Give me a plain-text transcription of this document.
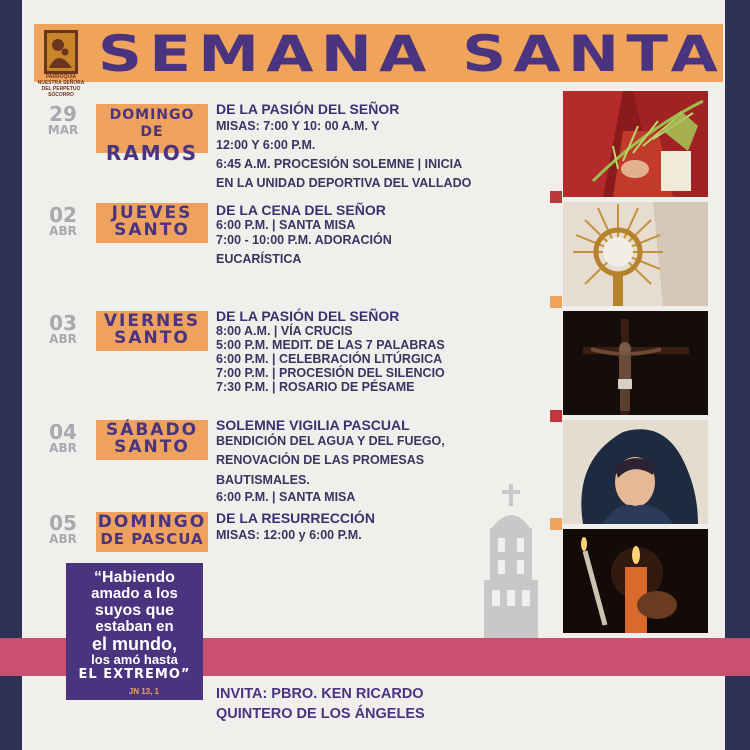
SEMANA SANTA
PARROQUIA NUESTRA SEÑORA DEL PERPETUO SOCORRO
29
MAR
DOMINGO DE
RAMOS
DE LA PASIÓN DEL SEÑOR
MISAS: 7:00 Y 10: 00 A.M. Y
12:00 Y 6:00 P.M.
6:45 A.M. PROCESIÓN SOLEMNE | INICIA
EN LA UNIDAD DEPORTIVA DEL VALLADO
02
ABR
JUEVES
SANTO
DE LA CENA DEL SEÑOR
6:00 P.M. | SANTA MISA
7:00 - 10:00 P.M. ADORACIÓN
EUCARÍSTICA
03
ABR
VIERNES
SANTO
DE LA PASIÓN DEL SEÑOR
8:00 A.M. | VÍA CRUCIS
5:00 P.M. MEDIT. DE LAS 7 PALABRAS
6:00 P.M. | CELEBRACIÓN LITÚRGICA
7:00 P.M. | PROCESIÓN DEL SILENCIO
7:30 P.M. | ROSARIO DE PÉSAME
04
ABR
SÁBADO
SANTO
SOLEMNE VIGILIA PASCUAL
BENDICIÓN DEL AGUA Y DEL FUEGO,
RENOVACIÓN DE LAS PROMESAS
BAUTISMALES.
6:00 P.M. | SANTA MISA
05
ABR
DOMINGO
DE PASCUA
DE LA RESURRECCIÓN
MISAS: 12:00 y 6:00 P.M.
“Habiendo
amado a los
suyos que
estaban en
el mundo,
los amó hasta
EL EXTREMO”
JN 13, 1	INVITA: PBRO. KEN RICARDO
QUINTERO DE LOS ÁNGELES
